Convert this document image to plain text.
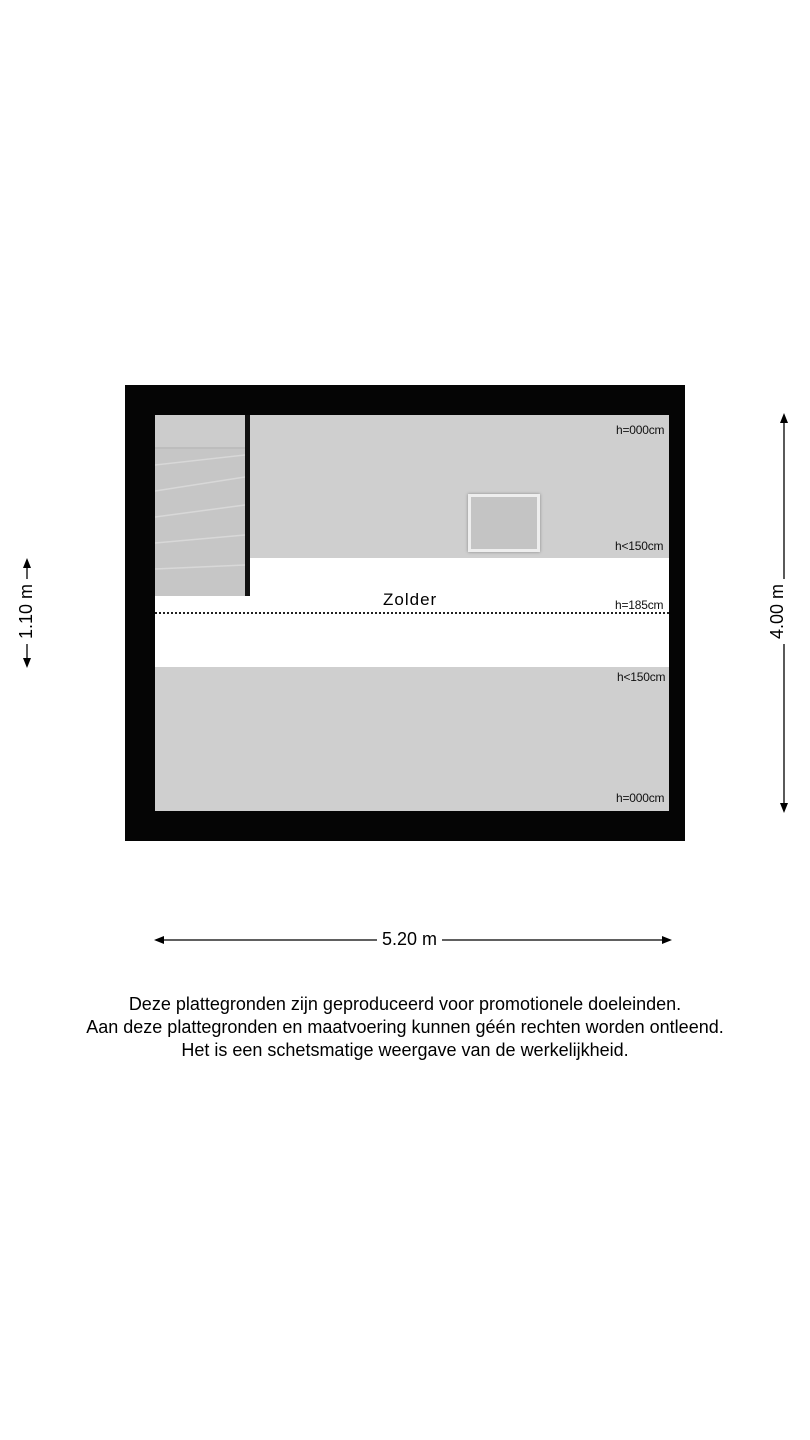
Zolder
h=000cm
h<150cm
h=185cm
h<150cm
h=000cm
5.20 m
4.00 m
1.10 m
Deze plattegronden zijn geproduceerd voor promotionele doeleinden.
Aan deze plattegronden en maatvoering kunnen géén rechten worden ontleend.
Het is een schetsmatige weergave van de werkelijkheid.
